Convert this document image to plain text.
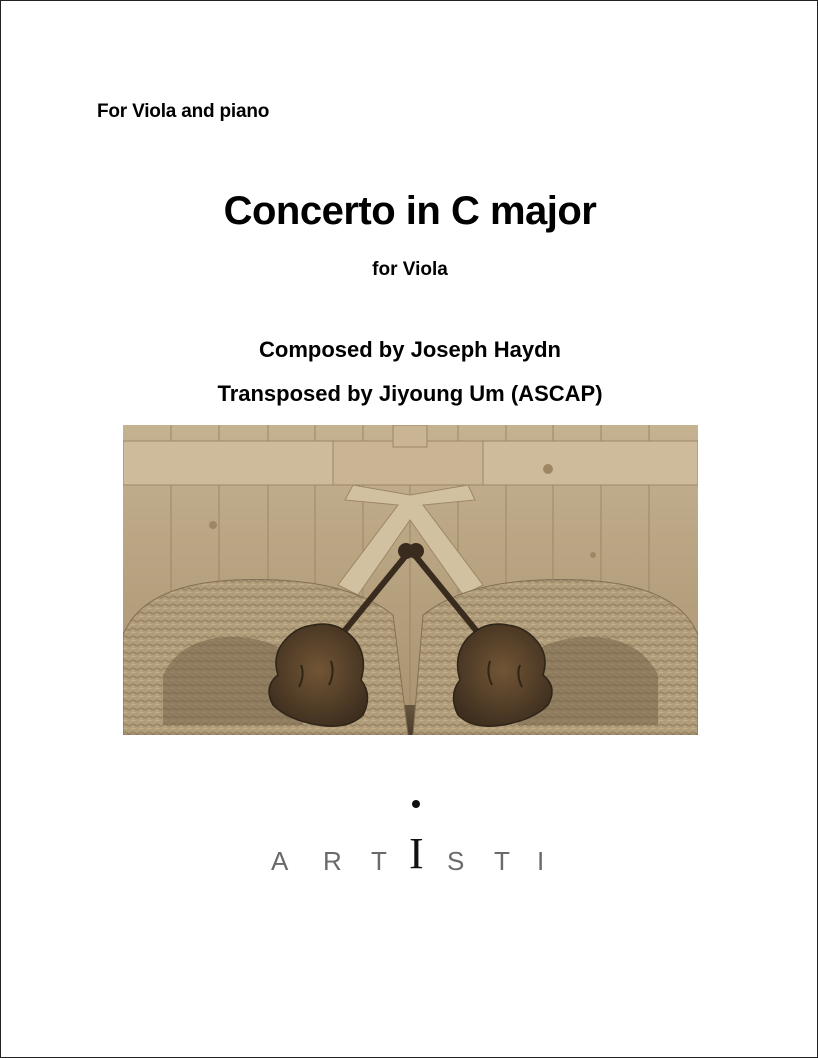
For Viola and piano
Concerto in C major
for Viola
Composed by Joseph Haydn
Transposed by Jiyoung Um (ASCAP)
A R T I S T I
